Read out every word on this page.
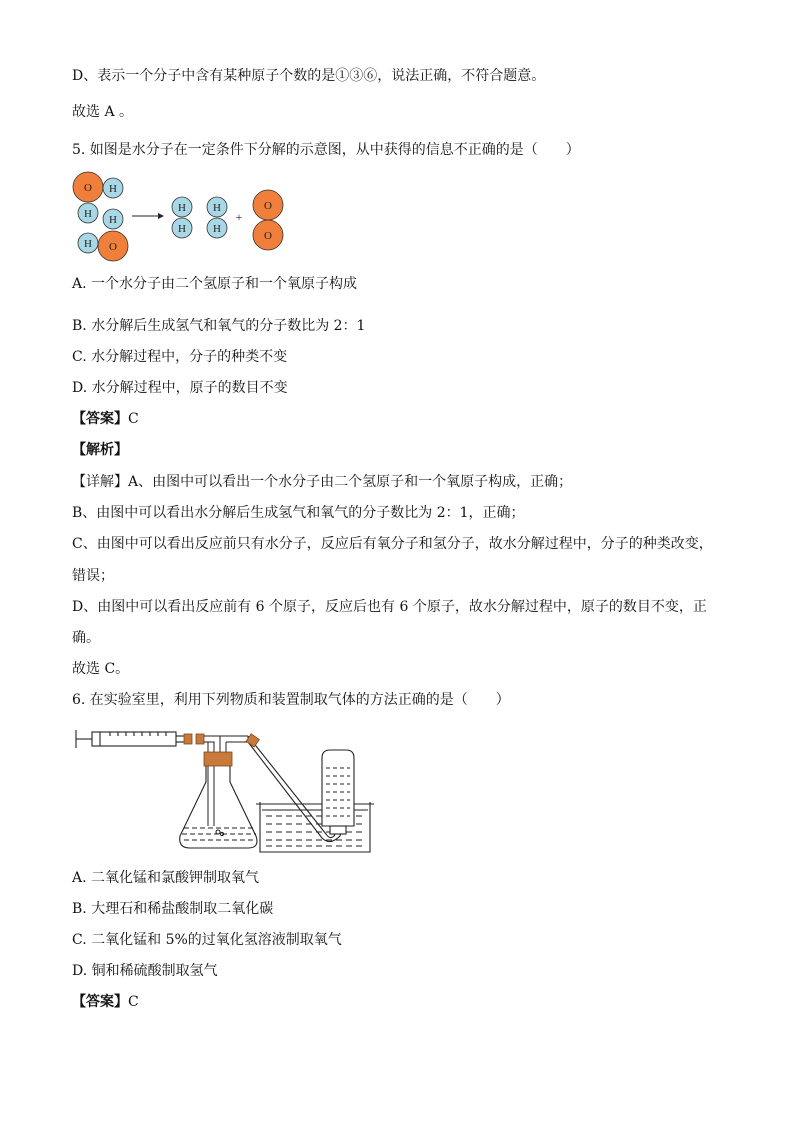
D、表示一个分子中含有某种原子个数的是①③⑥，说法正确，不符合题意。
故选 A 。
5. 如图是水分子在一定条件下分解的示意图，从中获得的信息不正确的是（　　）
O H
H H
H O
H
H
H
H
+
O
O
A. 一个水分子由二个氢原子和一个氧原子构成
B. 水分解后生成氢气和氧气的分子数比为 2：1
C. 水分解过程中，分子的种类不变
D. 水分解过程中，原子的数目不变
【答案】C
【解析】
【详解】A、由图中可以看出一个水分子由二个氢原子和一个氧原子构成，正确；
B、由图中可以看出水分解后生成氢气和氧气的分子数比为 2：1，正确；
C、由图中可以看出反应前只有水分子，反应后有氧分子和氢分子，故水分解过程中，分子的种类改变，
错误；
D、由图中可以看出反应前有 6 个原子，反应后也有 6 个原子，故水分解过程中，原子的数目不变，正
确。
故选 C。
6. 在实验室里，利用下列物质和装置制取气体的方法正确的是（　　）
A. 二氧化锰和氯酸钾制取氧气
B. 大理石和稀盐酸制取二氧化碳
C. 二氧化锰和 5%的过氧化氢溶液制取氧气
D. 铜和稀硫酸制取氢气
【答案】C
